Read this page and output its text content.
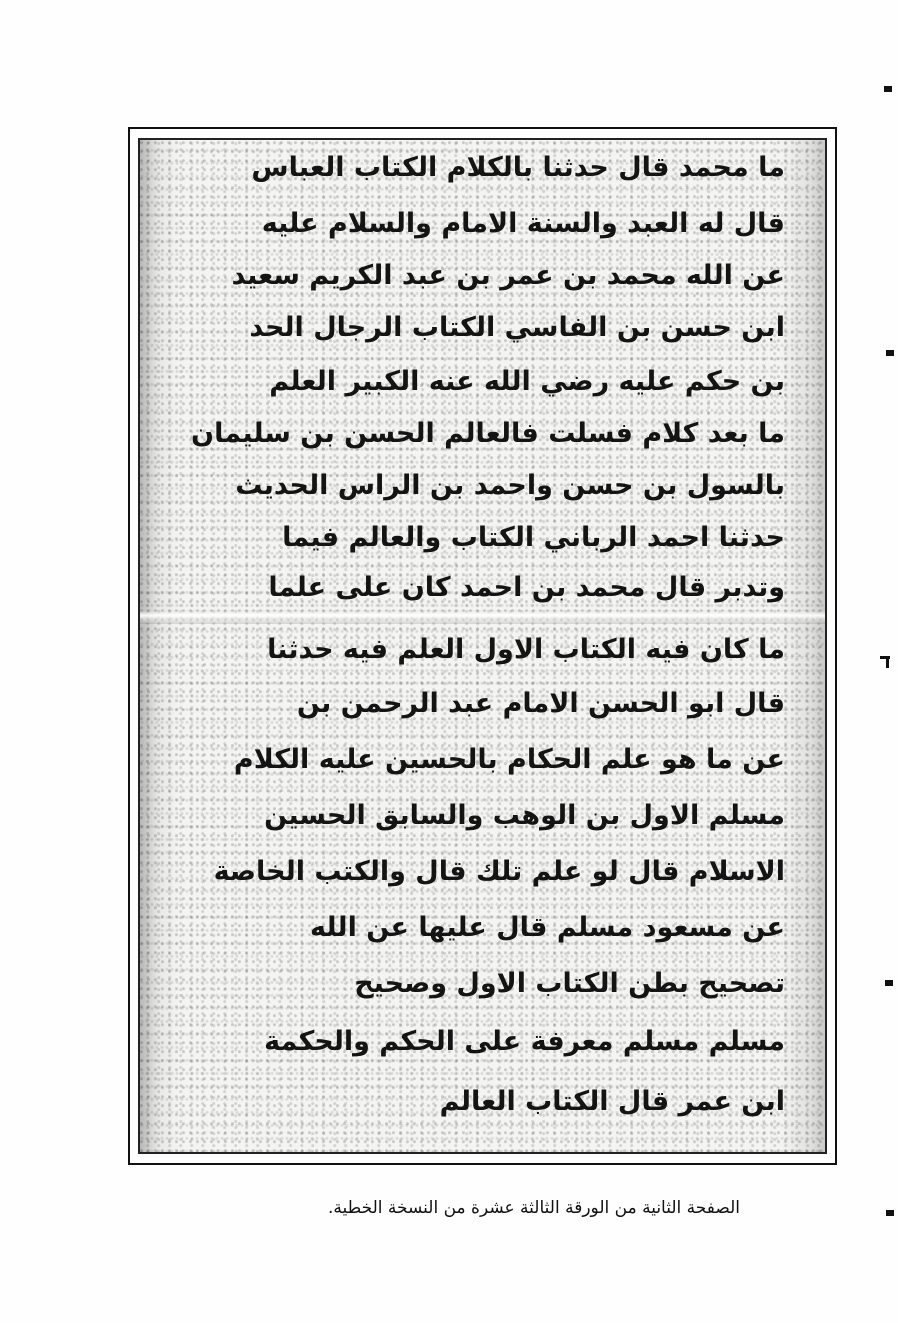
ما محمد قال حدثنا بالكلام الكتاب العباس
قال له العبد والسنة الامام والسلام عليه
عن الله محمد بن عمر بن عبد الكريم سعيد
ابن حسن بن الفاسي الكتاب الرجال الحد
بن حكم عليه رضي الله عنه الكبير العلم
ما بعد كلام فسلت فالعالم الحسن بن سليمان
بالسول بن حسن واحمد بن الراس الحديث
حدثنا احمد الرباني الكتاب والعالم فيما
وتدبر قال محمد بن احمد كان على علما
ما كان فيه الكتاب الاول العلم فيه حدثنا
قال ابو الحسن الامام عبد الرحمن بن
عن ما هو علم الحكام بالحسين عليه الكلام
مسلم الاول بن الوهب والسابق الحسين
الاسلام قال لو علم تلك قال والكتب الخاصة
عن مسعود مسلم قال عليها عن الله
تصحيح بطن الكتاب الاول وصحيح
مسلم مسلم معرفة على الحكم والحكمة
ابن عمر قال الكتاب العالم
الصفحة الثانية من الورقة الثالثة عشرة من النسخة الخطية.
